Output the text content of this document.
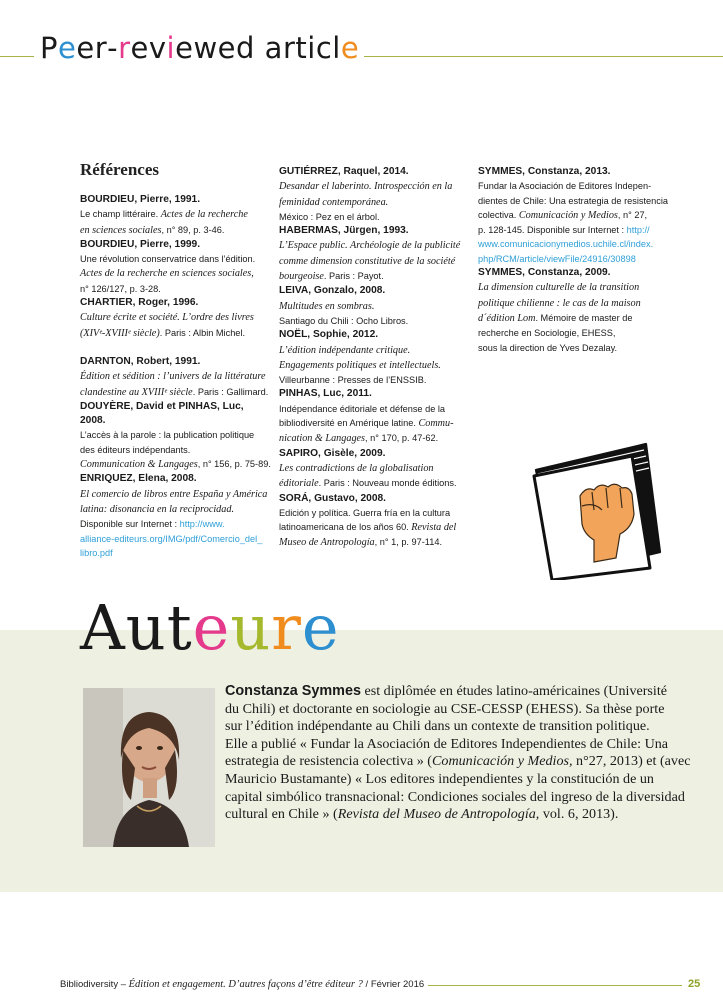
Peer-reviewed article
Références
BOURDIEU, Pierre, 1991.
Le champ littéraire. Actes de la recherche
en sciences sociales, n° 89, p. 3-46.
BOURDIEU, Pierre, 1999.
Une révolution conservatrice dans l’édition.
Actes de la recherche en sciences sociales,
n° 126/127, p. 3-28.
CHARTIER, Roger, 1996.
Culture écrite et société. L’ordre des livres
(XIVᵉ-XVIIIᵉ siècle). Paris : Albin Michel.
DARNTON, Robert, 1991.
Édition et sédition : l’univers de la littérature
clandestine au XVIIIᵉ siècle. Paris : Gallimard.
DOUYÈRE, David et PINHAS, Luc, 2008.
L’accès à la parole : la publication politique
des éditeurs indépendants.
Communication & Langages, n° 156, p. 75-89.
ENRIQUEZ, Elena, 2008.
El comercio de libros entre España y América
latina: disonancia en la reciprocidad.
Disponible sur Internet : http://www.
alliance-editeurs.org/IMG/pdf/Comercio_del_
libro.pdf
GUTIÉRREZ, Raquel, 2014.
Desandar el laberinto. Introspección en la
feminidad contemporánea.
México : Pez en el árbol.
HABERMAS, Jürgen, 1993.
L’Espace public. Archéologie de la publicité
comme dimension constitutive de la société
bourgeoise. Paris : Payot.
LEIVA, Gonzalo, 2008.
Multitudes en sombras.
Santiago du Chili : Ocho Libros.
NOËL, Sophie, 2012.
L’édition indépendante critique.
Engagements politiques et intellectuels.
Villeurbanne : Presses de l’ENSSIB.
PINHAS, Luc, 2011.
Indépendance éditoriale et défense de la
bibliodiversité en Amérique latine. Commu-
nication & Langages, n° 170, p. 47-62.
SAPIRO, Gisèle, 2009.
Les contradictions de la globalisation
éditoriale. Paris : Nouveau monde éditions.
SORÁ, Gustavo, 2008.
Edición y política. Guerra fría en la cultura
latinoamericana de los años 60. Revista del
Museo de Antropología, n° 1, p. 97-114.
SYMMES, Constanza, 2013.
Fundar la Asociación de Editores Indepen-
dientes de Chile: Una estrategia de resistencia
colectiva. Comunicación y Medios, n° 27,
p. 128-145. Disponible sur Internet : http://
www.comunicacionymedios.uchile.cl/index.
php/RCM/article/viewFile/24916/30898
SYMMES, Constanza, 2009.
La dimension culturelle de la transition
politique chilienne : le cas de la maison
d´édition Lom. Mémoire de master de
recherche en Sociologie, EHESS,
sous la direction de Yves Dezalay.
Auteure
Constanza Symmes est diplômée en études latino-américaines (Université
du Chili) et doctorante en sociologie au CSE-CESSP (EHESS). Sa thèse porte
sur l’édition indépendante au Chili dans un contexte de transition politique.
Elle a publié « Fundar la Asociación de Editores Independientes de Chile: Una
estrategia de resistencia colectiva » (Comunicación y Medios, n°27, 2013) et (avec
Mauricio Bustamante) « Los editores independientes y la constitución de un
capital simbólico transnacional: Condiciones sociales del ingreso de la diversidad
cultural en Chile » (Revista del Museo de Antropología, vol. 6, 2013).
Bibliodiversity – Édition et engagement. D’autres façons d’être éditeur ? / Février 2016	25
